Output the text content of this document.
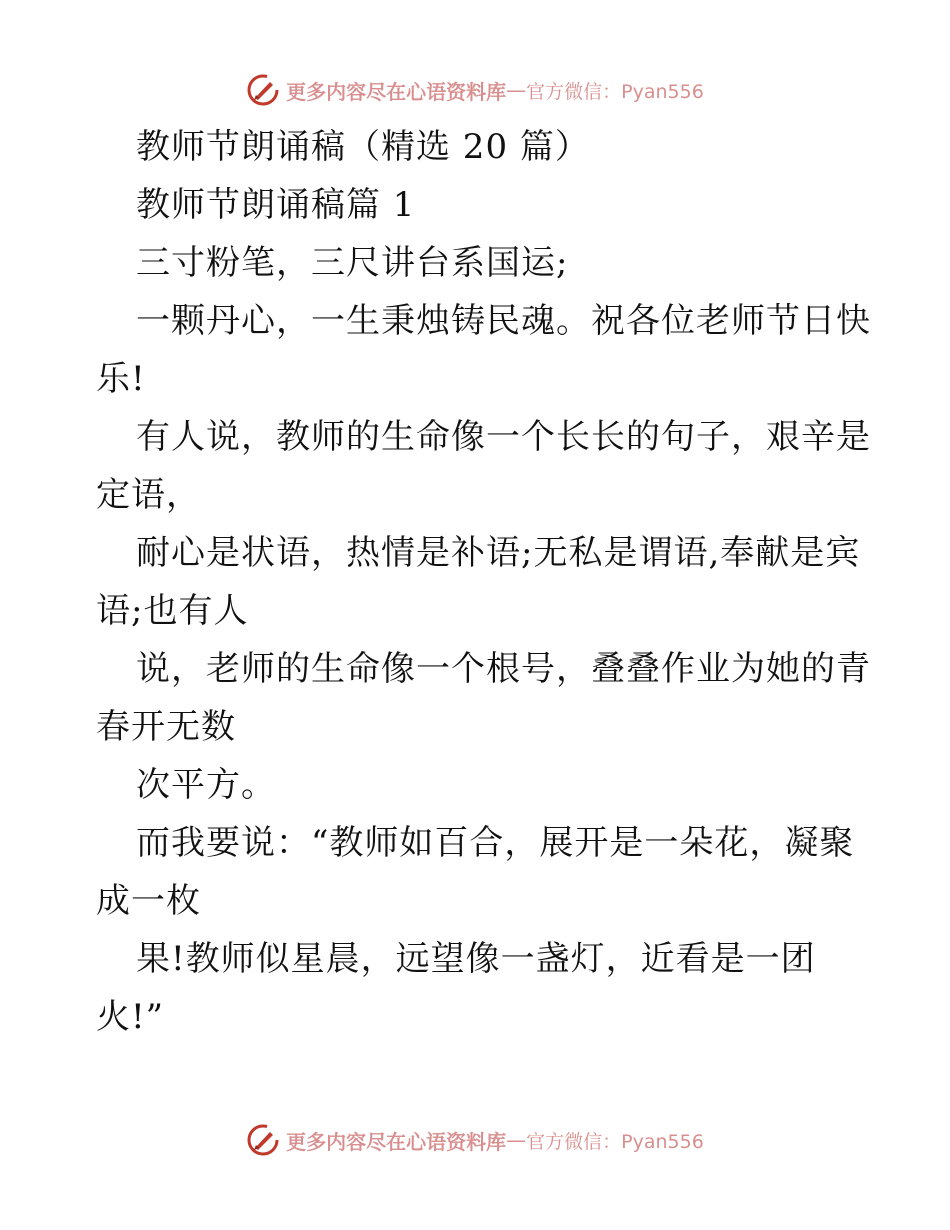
更多内容尽在心语资料库 — 官方微信：Pyan556
教师节朗诵稿（精选 20 篇）
教师节朗诵稿篇 1
三寸粉笔，三尺讲台系国运;
一颗丹心，一生秉烛铸民魂。祝各位老师节日快
乐!
有人说，教师的生命像一个长长的句子，艰辛是
定语，
耐心是状语，热情是补语;无私是谓语,奉献是宾
语;也有人
说，老师的生命像一个根号，叠叠作业为她的青
春开无数
次平方。
而我要说：“教师如百合，展开是一朵花，凝聚
成一枚
果!教师似星晨，远望像一盏灯，近看是一团
火!”
更多内容尽在心语资料库 — 官方微信：Pyan556
